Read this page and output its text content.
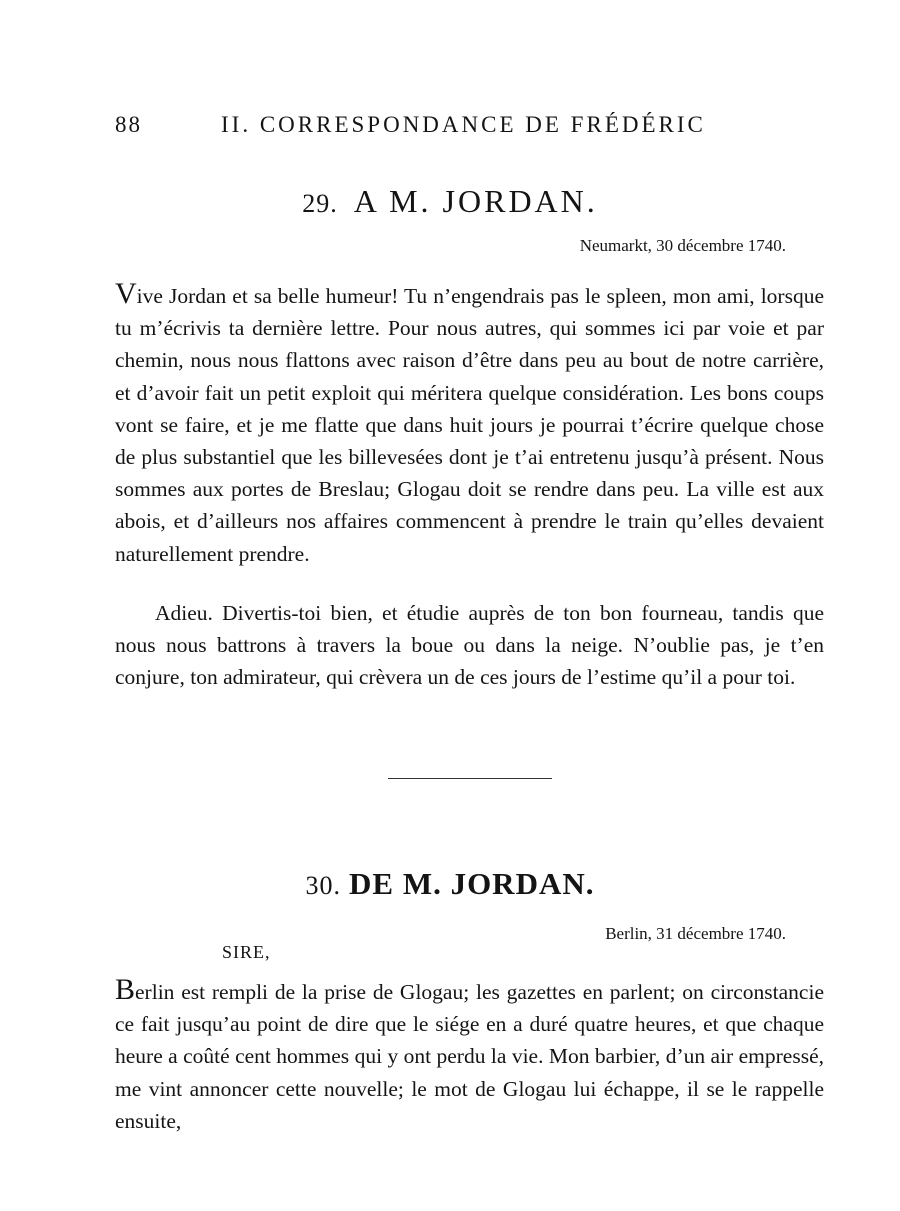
88	II. CORRESPONDANCE DE FRÉDÉRIC
29. A M. JORDAN.
Neumarkt, 30 décembre 1740.

Vive Jordan et sa belle humeur! Tu n’engendrais pas le spleen, mon ami, lorsque tu m’écrivis ta dernière lettre. Pour nous autres, qui sommes ici par voie et par chemin, nous nous flattons avec raison d’être dans peu au bout de notre carrière, et d’avoir fait un petit exploit qui méritera quelque considération. Les bons coups vont se faire, et je me flatte que dans huit jours je pourrai t’écrire quelque chose de plus substantiel que les billevesées dont je t’ai entretenu jusqu’à présent. Nous sommes aux portes de Breslau; Glogau doit se rendre dans peu. La ville est aux abois, et d’ailleurs nos affaires commencent à prendre le train qu’elles devaient naturellement prendre.

Adieu. Divertis-toi bien, et étudie auprès de ton bon fourneau, tandis que nous nous battrons à travers la boue ou dans la neige. N’oublie pas, je t’en conjure, ton admirateur, qui crèvera un de ces jours de l’estime qu’il a pour toi.

30. DE M. JORDAN.
Berlin, 31 décembre 1740.
SIRE,

Berlin est rempli de la prise de Glogau; les gazettes en parlent; on circonstancie ce fait jusqu’au point de dire que le siége en a duré quatre heures, et que chaque heure a coûté cent hommes qui y ont perdu la vie. Mon barbier, d’un air empressé, me vint annoncer cette nouvelle; le mot de Glogau lui échappe, il se le rappelle ensuite,
